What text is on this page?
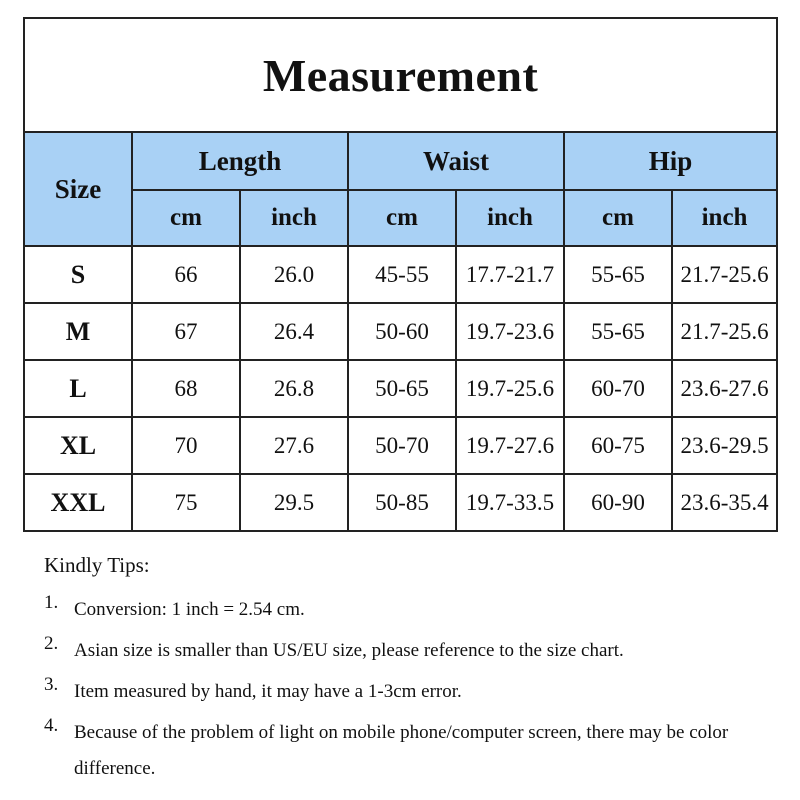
Measurement						
Size	Length		Waist		Hip	
	cm	inch	cm	inch	cm	inch
S	66	26.0	45-55	17.7-21.7	55-65	21.7-25.6
M	67	26.4	50-60	19.7-23.6	55-65	21.7-25.6
L	68	26.8	50-65	19.7-25.6	60-70	23.6-27.6
XL	70	27.6	50-70	19.7-27.6	60-75	23.6-29.5
XXL	75	29.5	50-85	19.7-33.5	60-90	23.6-35.4
Kindly Tips:
1. Conversion: 1 inch = 2.54 cm.
2. Asian size is smaller than US/EU size, please reference to the size chart.
3. Item measured by hand, it may have a 1-3cm error.
4. Because of the problem of light on mobile phone/computer screen, there may be color difference.
